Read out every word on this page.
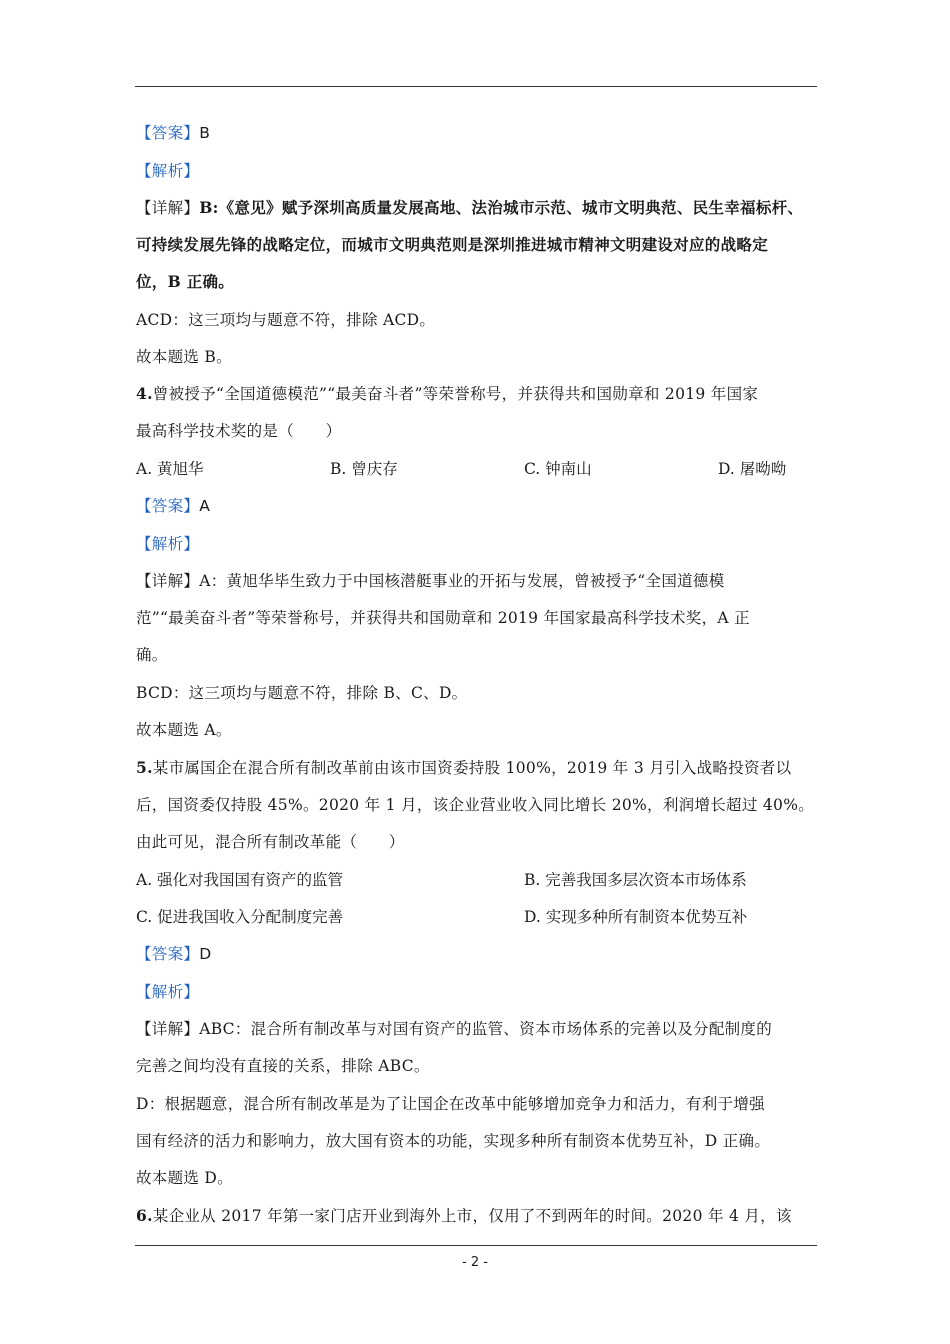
【答案】B
【解析】
【详解】B:《意见》赋予深圳高质量发展高地、法治城市示范、城市文明典范、民生幸福标杆、
可持续发展先锋的战略定位，而城市文明典范则是深圳推进城市精神文明建设对应的战略定
位，B 正确。
ACD：这三项均与题意不符，排除 ACD。
故本题选 B。
4.曾被授予“全国道德模范”“最美奋斗者”等荣誉称号，并获得共和国勋章和 2019 年国家
最高科学技术奖的是（　　）
A. 黄旭华	B. 曾庆存	C. 钟南山	D. 屠呦呦
【答案】A
【解析】
【详解】A：黄旭华毕生致力于中国核潜艇事业的开拓与发展，曾被授予“全国道德模
范”“最美奋斗者”等荣誉称号，并获得共和国勋章和 2019 年国家最高科学技术奖，A 正
确。
BCD：这三项均与题意不符，排除 B、C、D。
故本题选 A。
5.某市属国企在混合所有制改革前由该市国资委持股 100%，2019 年 3 月引入战略投资者以
后，国资委仅持股 45%。2020 年 1 月，该企业营业收入同比增长 20%，利润增长超过 40%。
由此可见，混合所有制改革能（　　）
A. 强化对我国国有资产的监管	B. 完善我国多层次资本市场体系
C. 促进我国收入分配制度完善	D. 实现多种所有制资本优势互补
【答案】D
【解析】
【详解】ABC：混合所有制改革与对国有资产的监管、资本市场体系的完善以及分配制度的
完善之间均没有直接的关系，排除 ABC。
D：根据题意，混合所有制改革是为了让国企在改革中能够增加竞争力和活力，有利于增强
国有经济的活力和影响力，放大国有资本的功能，实现多种所有制资本优势互补，D 正确。
故本题选 D。
6.某企业从 2017 年第一家门店开业到海外上市，仅用了不到两年的时间。2020 年 4 月，该
- 2 -
